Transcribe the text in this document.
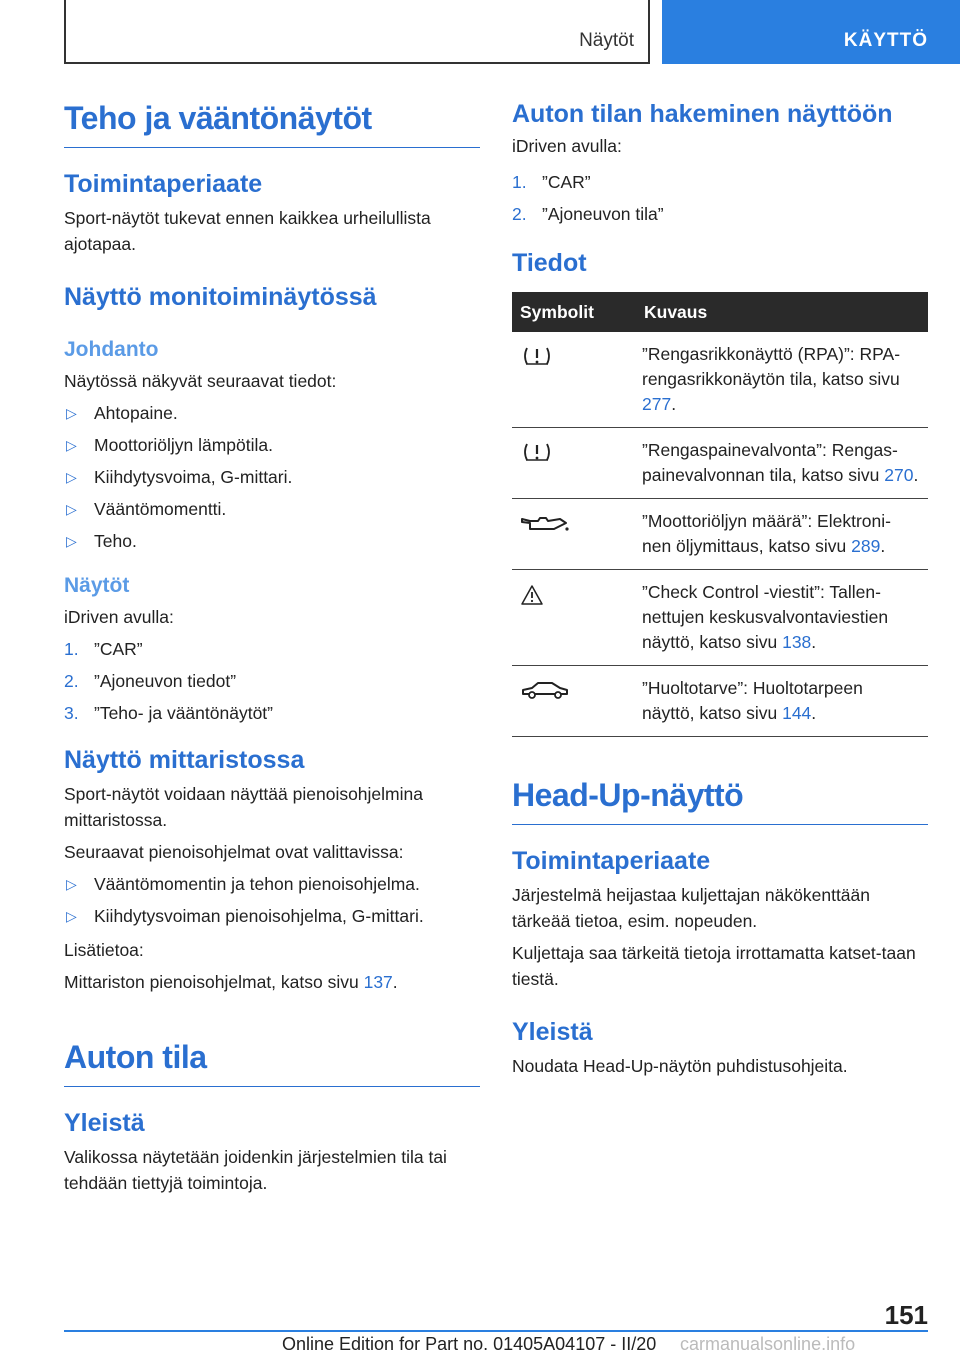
Näytöt	KÄYTTÖ
Teho ja vääntönäytöt
Toimintaperiaate

Sport-näytöt tukevat ennen kaikkea urheilullista ajotapaa.

Näyttö monitoiminäytössä
Johdanto

Näytössä näkyvät seuraavat tiedot:

▷ Ahtopaine.
▷ Moottoriöljyn lämpötila.
▷ Kiihdytysvoima, G-mittari.
▷ Vääntömomentti.
▷ Teho.
Näytöt

iDriven avulla:

1. ”CAR”
2. ”Ajoneuvon tiedot”
3. ”Teho- ja vääntönäytöt”
Näyttö mittaristossa

Sport-näytöt voidaan näyttää pienoisohjelmina mittaristossa.

Seuraavat pienoisohjelmat ovat valittavissa:

▷ Vääntömomentin ja tehon pienoisohjelma.
▷ Kiihdytysvoiman pienoisohjelma, G-mittari.

Lisätietoa:

Mittariston pienoisohjelmat, katso sivu 137.

Auton tila
Yleistä

Valikossa näytetään joidenkin järjestelmien tila tai tehdään tiettyjä toimintoja.

Auton tilan hakeminen näyttöön

iDriven avulla:

1. ”CAR”
2. ”Ajoneuvon tila”
Tiedot
Symbolit	Kuvaus
	”Rengasrikkonäyttö (RPA)”: RPA-rengasrikkonäytön tila, katso sivu 277.
	”Rengaspainevalvonta”: Rengas-painevalvonnan tila, katso sivu 270.
	”Moottoriöljyn määrä”: Elektroni-nen öljymittaus, katso sivu 289.
	”Check Control -viestit”: Tallen-nettujen keskusvalvontaviestien näyttö, katso sivu 138.
	”Huoltotarve”: Huoltotarpeen näyttö, katso sivu 144.
Head-Up-näyttö
Toimintaperiaate

Järjestelmä heijastaa kuljettajan näkökenttään tärkeää tietoa, esim. nopeuden.

Kuljettaja saa tärkeitä tietoja irrottamatta katset-taan tiestä.

Yleistä

Noudata Head-Up-näytön puhdistusohjeita.

151
Online Edition for Part no. 01405A04107 - II/20 carmanualsonline.info
